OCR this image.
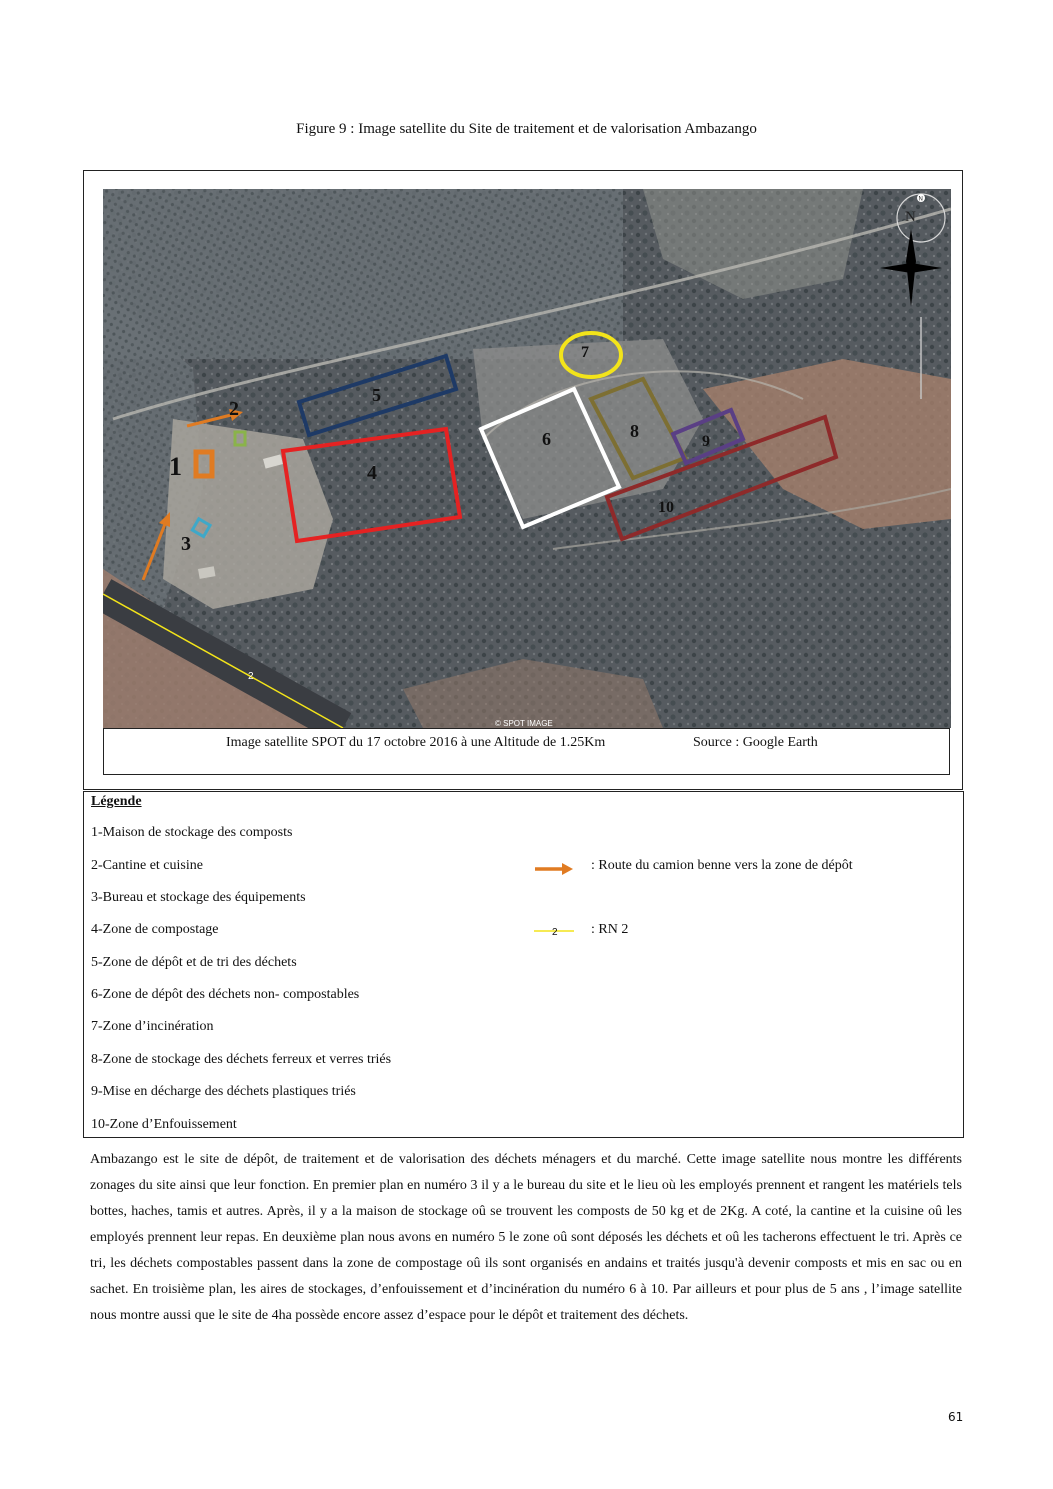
Figure 9 : Image satellite du Site de traitement et de valorisation Ambazango
2
1
2
3
4
5
6
7
8
9
10
N
N
© SPOT IMAGE
Image satellite SPOT du 17 octobre 2016 à une Altitude de 1.25Km	Source : Google Earth
Légende
1-Maison de stockage des composts
2-Cantine et cuisine
3-Bureau et stockage des équipements
4-Zone de compostage
5-Zone de dépôt et de tri des déchets
6-Zone de dépôt des déchets non- compostables
7-Zone d’incinération
8-Zone de stockage des déchets ferreux et verres triés
9-Mise en décharge des déchets plastiques triés
10-Zone d’Enfouissement
: Route du camion benne vers la zone de dépôt
2 : RN 2
Ambazango est le site de dépôt, de traitement et de valorisation des déchets ménagers et du marché. Cette image satellite nous montre les différents zonages du site ainsi que leur fonction. En premier plan en numéro 3 il y a le bureau du site et le lieu où les employés prennent et rangent les matériels tels bottes, haches, tamis et autres. Après, il y a la maison de stockage oû se trouvent les composts de 50 kg et de 2Kg. A coté, la cantine et la cuisine oû les employés prennent leur repas. En deuxième plan nous avons en numéro 5 le zone oû sont déposés les déchets et oû les tacherons effectuent le tri. Après ce tri, les déchets compostables passent dans la zone de compostage oû ils sont organisés en andains et traités jusqu'à devenir composts et mis en sac ou en sachet. En troisième plan, les aires de stockages, d’enfouissement et d’incinération du numéro 6 à 10. Par ailleurs et pour plus de 5 ans , l’image satellite nous montre aussi que le site de 4ha possède encore assez d’espace pour le dépôt et traitement des déchets.
61
